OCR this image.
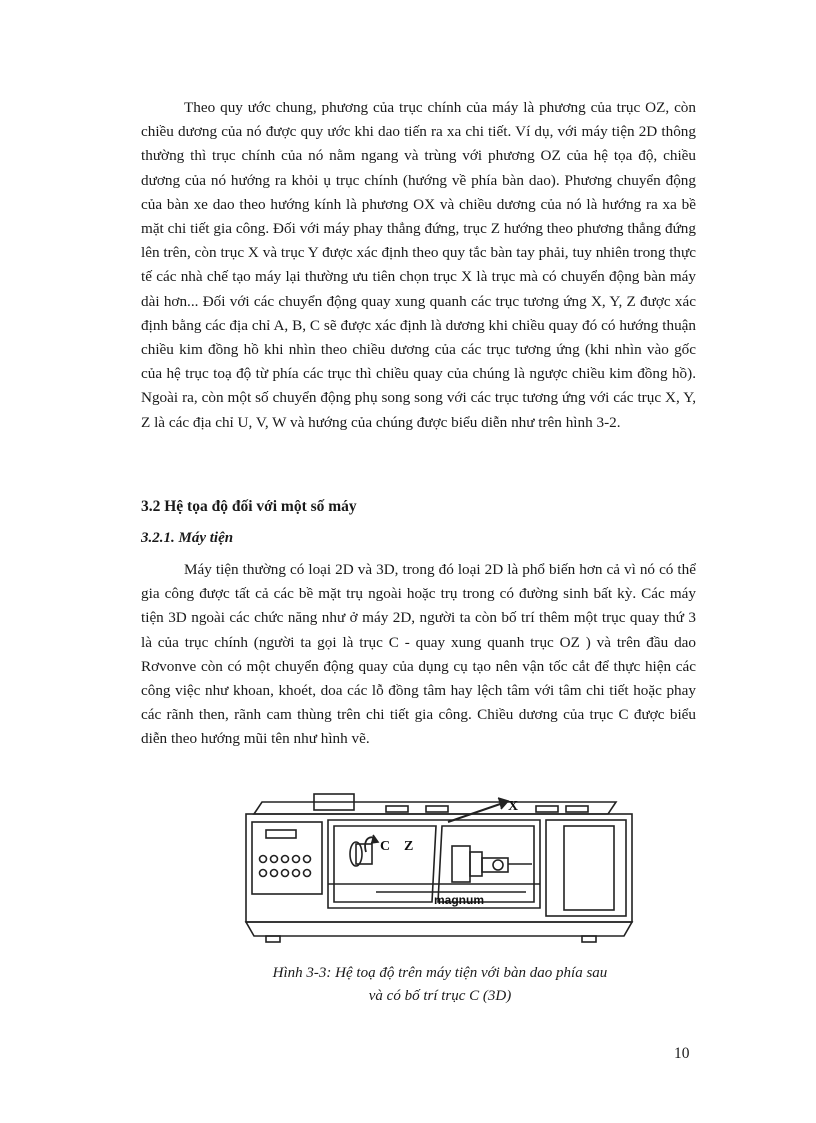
Theo quy ước chung, phương của trục chính của máy là phương của trục OZ, còn chiều dương của nó được quy ước khi dao tiến ra xa chi tiết. Ví dụ, với máy tiện 2D thông thường thì trục chính của nó nằm ngang và trùng với phương OZ của hệ tọa độ, chiều dương của nó hướng ra khỏi ụ trục chính (hướng về phía bàn dao). Phương chuyển động của bàn xe dao theo hướng kính là phương OX và chiều dương của nó là hướng ra xa bề mặt chi tiết gia công. Đối với máy phay thẳng đứng, trục Z hướng theo phương thẳng đứng lên trên, còn trục X và trục Y được xác định theo quy tắc bàn tay phải, tuy nhiên trong thực tế các nhà chế tạo máy lại thường ưu tiên chọn trục X là trục mà có chuyển động bàn máy dài hơn... Đối với các chuyển động quay xung quanh các trục tương ứng X, Y, Z được xác định bằng các địa chỉ A, B, C sẽ được xác định là dương khi chiều quay đó có hướng thuận chiều kim đồng hồ khi nhìn theo chiều dương của các trục tương ứng (khi nhìn vào gốc của hệ trục toạ độ từ phía các trục thì chiều quay của chúng là ngược chiều kim đồng hồ). Ngoài ra, còn một số chuyển động phụ song song với các trục tương ứng với các trục X, Y, Z là các địa chỉ U, V, W và hướng của chúng được biểu diễn như trên hình 3-2.

3.2 Hệ tọa độ đối với một số máy
3.2.1. Máy tiện

Máy tiện thường có loại 2D và 3D, trong đó loại 2D là phổ biến hơn cả vì nó có thể gia công được tất cả các bề mặt trụ ngoài hoặc trụ trong có đường sinh bất kỳ. Các máy tiện 3D ngoài các chức năng như ở máy 2D, người ta còn bố trí thêm một trục quay thứ 3 là của trục chính (người ta gọi là trục C - quay xung quanh trục OZ ) và trên đầu dao Rơvonve còn có một chuyển động quay của dụng cụ tạo nên vận tốc cắt để thực hiện các công việc như khoan, khoét, doa các lỗ đồng tâm hay lệch tâm với tâm chi tiết hoặc phay các rãnh then, rãnh cam thùng trên chi tiết gia công. Chiều dương của trục C được biểu diễn theo hướng mũi tên như hình vẽ.

X
C Z
magnum
Hình 3-3: Hệ toạ độ trên máy tiện với bàn dao phía sau
và có bố trí trục C (3D)
10
